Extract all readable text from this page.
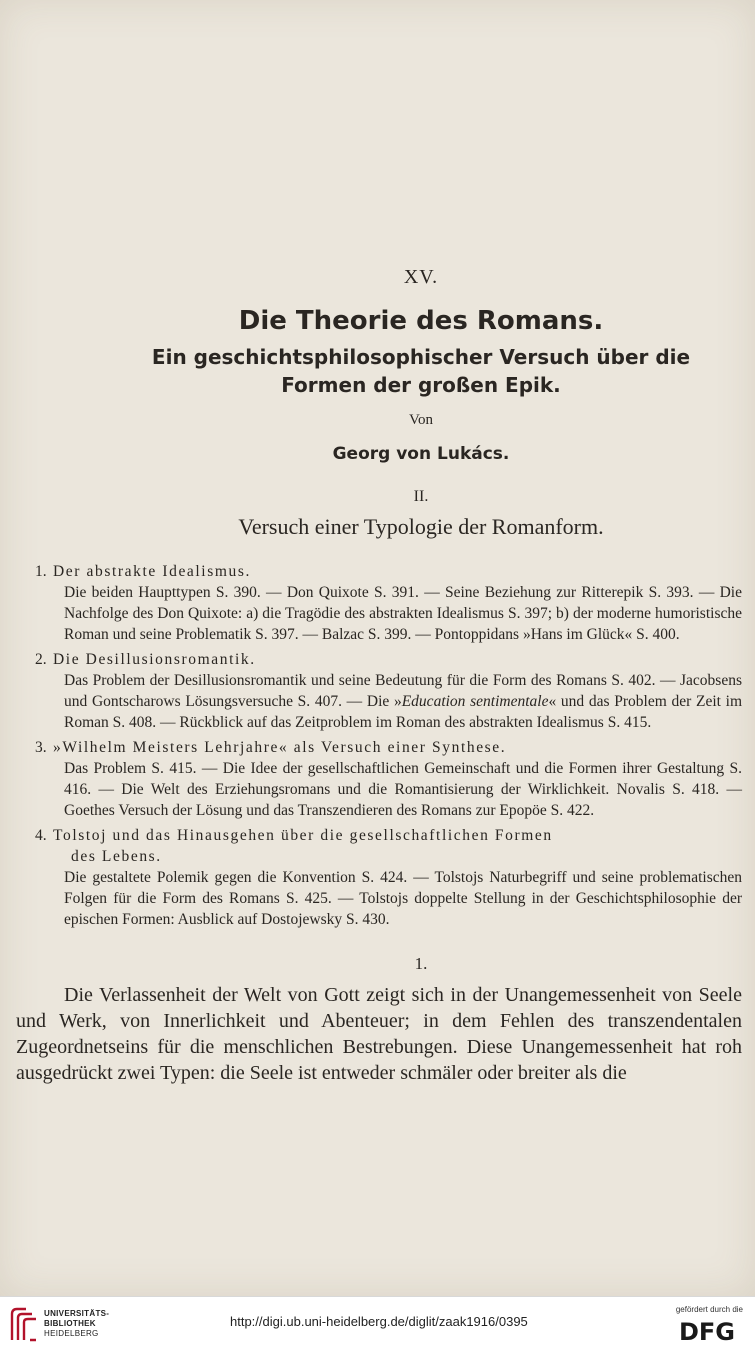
XV.

Die Theorie des Romans.

Ein geschichtsphilosophischer Versuch über die
Formen der großen Epik.

Von

Georg von Lukács.

II.

Versuch einer Typologie der Romanform.

1. Der abstrakte Idealismus.
Die beiden Haupttypen S. 390. — Don Quixote S. 391. — Seine Beziehung zur Ritterepik S. 393. — Die Nachfolge des Don Quixote: a) die Tragödie des abstrakten Idealismus S. 397; b) der moderne humoristische Roman und seine Problematik S. 397. — Balzac S. 399. — Pontoppidans »Hans im Glück« S. 400.
2. Die Desillusionsromantik.
Das Problem der Desillusionsromantik und seine Bedeutung für die Form des Romans S. 402. — Jacobsens und Gontscharows Lösungsversuche S. 407. — Die »Education sentimentale« und das Problem der Zeit im Roman S. 408. — Rückblick auf das Zeitproblem im Roman des abstrakten Idealismus S. 415.
3. »Wilhelm Meisters Lehrjahre« als Versuch einer Synthese.
Das Problem S. 415. — Die Idee der gesellschaftlichen Gemeinschaft und die Formen ihrer Gestaltung S. 416. — Die Welt des Erziehungsromans und die Romantisierung der Wirklichkeit. Novalis S. 418. — Goethes Versuch der Lösung und das Transzendieren des Romans zur Epopöe S. 422.
4. Tolstoj und das Hinausgehen über die gesellschaftlichen Formen
des Lebens.
Die gestaltete Polemik gegen die Konvention S. 424. — Tolstojs Naturbegriff und seine problematischen Folgen für die Form des Romans S. 425. — Tolstojs doppelte Stellung in der Geschichtsphilosophie der epischen Formen: Ausblick auf Dostojewsky S. 430.

1.

Die Verlassenheit der Welt von Gott zeigt sich in der Unangemessenheit von Seele und Werk, von Innerlichkeit und Abenteuer; in dem Fehlen des transzendentalen Zugeordnetseins für die menschlichen Bestrebungen. Diese Unangemessenheit hat roh ausgedrückt zwei Typen: die Seele ist entweder schmäler oder breiter als die

UNIVERSITÄTS-
BIBLIOTHEK
HEIDELBERG
http://digi.ub.uni-heidelberg.de/diglit/zaak1916/0395
gefördert durch die
DFG
